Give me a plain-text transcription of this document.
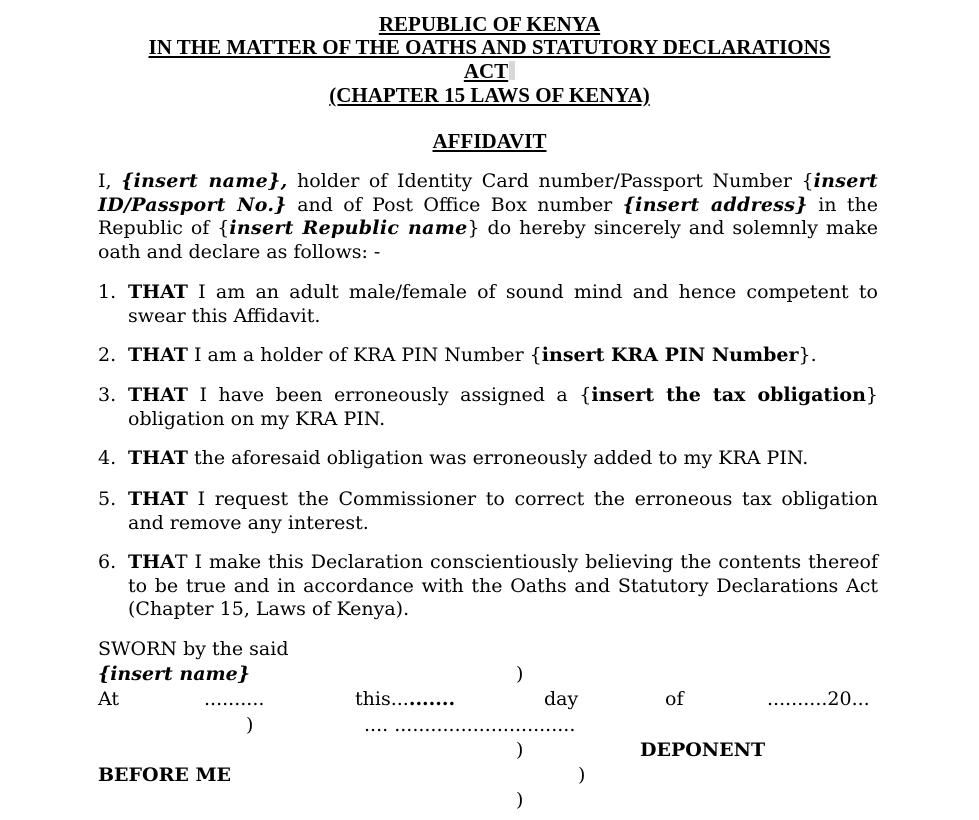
REPUBLIC OF KENYA
IN THE MATTER OF THE OATHS AND STATUTORY DECLARATIONS
ACT
(CHAPTER 15 LAWS OF KENYA)
AFFIDAVIT
I, {insert name}, holder of Identity Card number/Passport Number {insert ID/Passport No.} and of Post Office Box number {insert address} in the Republic of {insert Republic name} do hereby sincerely and solemnly make oath and declare as follows: -
1. THAT I am an adult male/female of sound mind and hence competent to swear this Affidavit.
2. THAT I am a holder of KRA PIN Number {insert KRA PIN Number}.
3. THAT I have been erroneously assigned a {insert the tax obligation} obligation on my KRA PIN.
4. THAT the aforesaid obligation was erroneously added to my KRA PIN.
5. THAT I request the Commissioner to correct the erroneous tax obligation and remove any interest.
6. THAT I make this Declaration conscientiously believing the contents thereof to be true and in accordance with the Oaths and Statutory Declarations Act (Chapter 15, Laws of Kenya).
SWORN by the said
{insert name}	)
At	..........	this..........	day	of	..........20...
)	.... ..............................
)	DEPONENT
BEFORE ME	)
)
